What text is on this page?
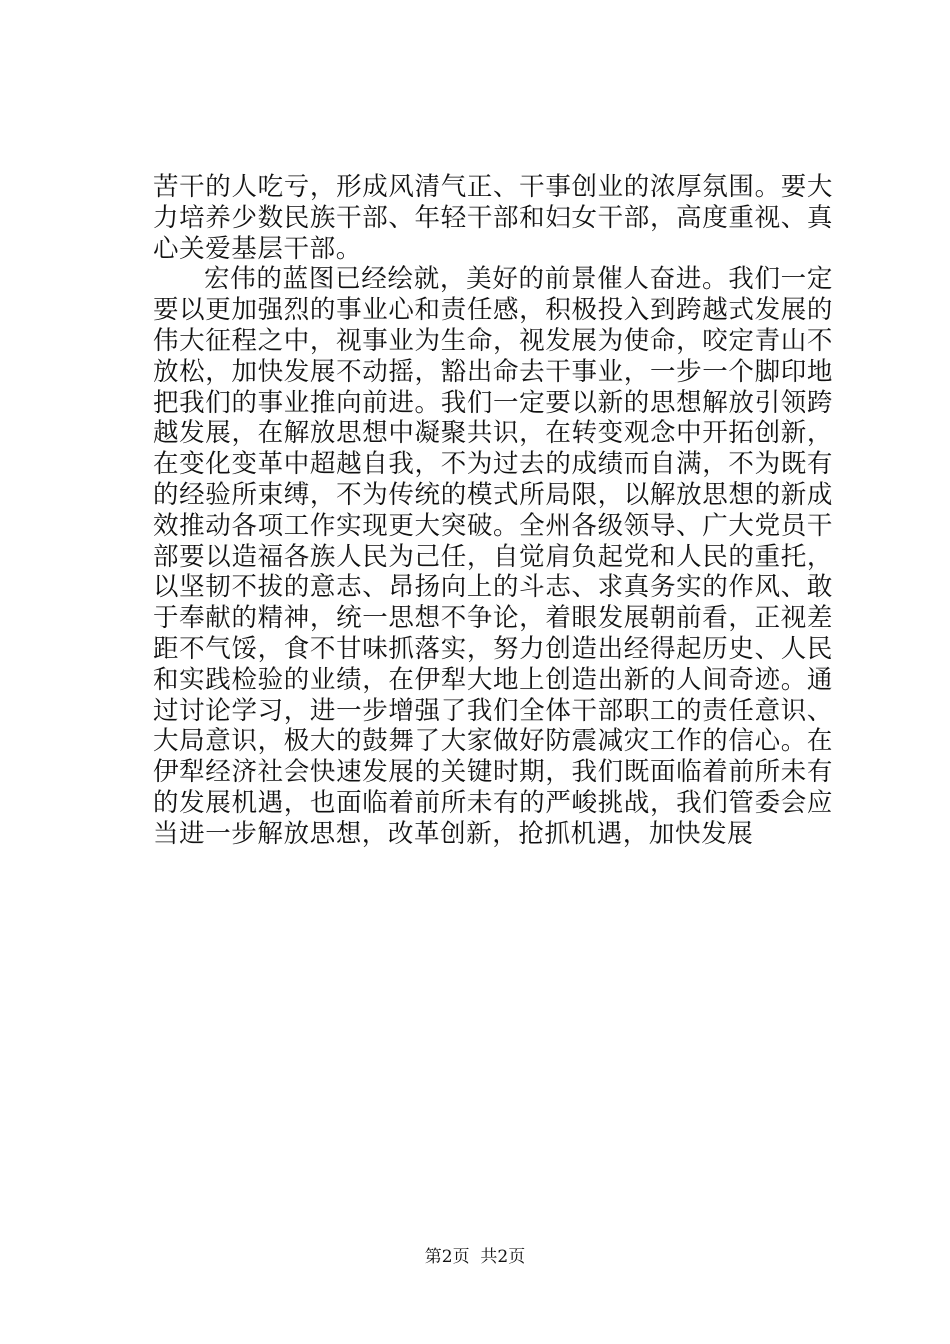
苦干的人吃亏，形成风清气正、干事创业的浓厚氛围。要大力培养少数民族干部、年轻干部和妇女干部，高度重视、真心关爱基层干部。

宏伟的蓝图已经绘就，美好的前景催人奋进。我们一定要以更加强烈的事业心和责任感，积极投入到跨越式发展的伟大征程之中，视事业为生命，视发展为使命，咬定青山不放松，加快发展不动摇，豁出命去干事业，一步一个脚印地把我们的事业推向前进。我们一定要以新的思想解放引领跨越发展，在解放思想中凝聚共识，在转变观念中开拓创新，在变化变革中超越自我，不为过去的成绩而自满，不为既有的经验所束缚，不为传统的模式所局限，以解放思想的新成效推动各项工作实现更大突破。全州各级领导、广大党员干部要以造福各族人民为己任，自觉肩负起党和人民的重托，以坚韧不拔的意志、昂扬向上的斗志、求真务实的作风、敢于奉献的精神，统一思想不争论，着眼发展朝前看，正视差距不气馁，食不甘味抓落实，努力创造出经得起历史、人民和实践检验的业绩，在伊犁大地上创造出新的人间奇迹。通过讨论学习，进一步增强了我们全体干部职工的责任意识、大局意识，极大的鼓舞了大家做好防震减灾工作的信心。在伊犁经济社会快速发展的关键时期，我们既面临着前所未有的发展机遇，也面临着前所未有的严峻挑战，我们管委会应当进一步解放思想，改革创新，抢抓机遇，加快发展

第2页  共2页
